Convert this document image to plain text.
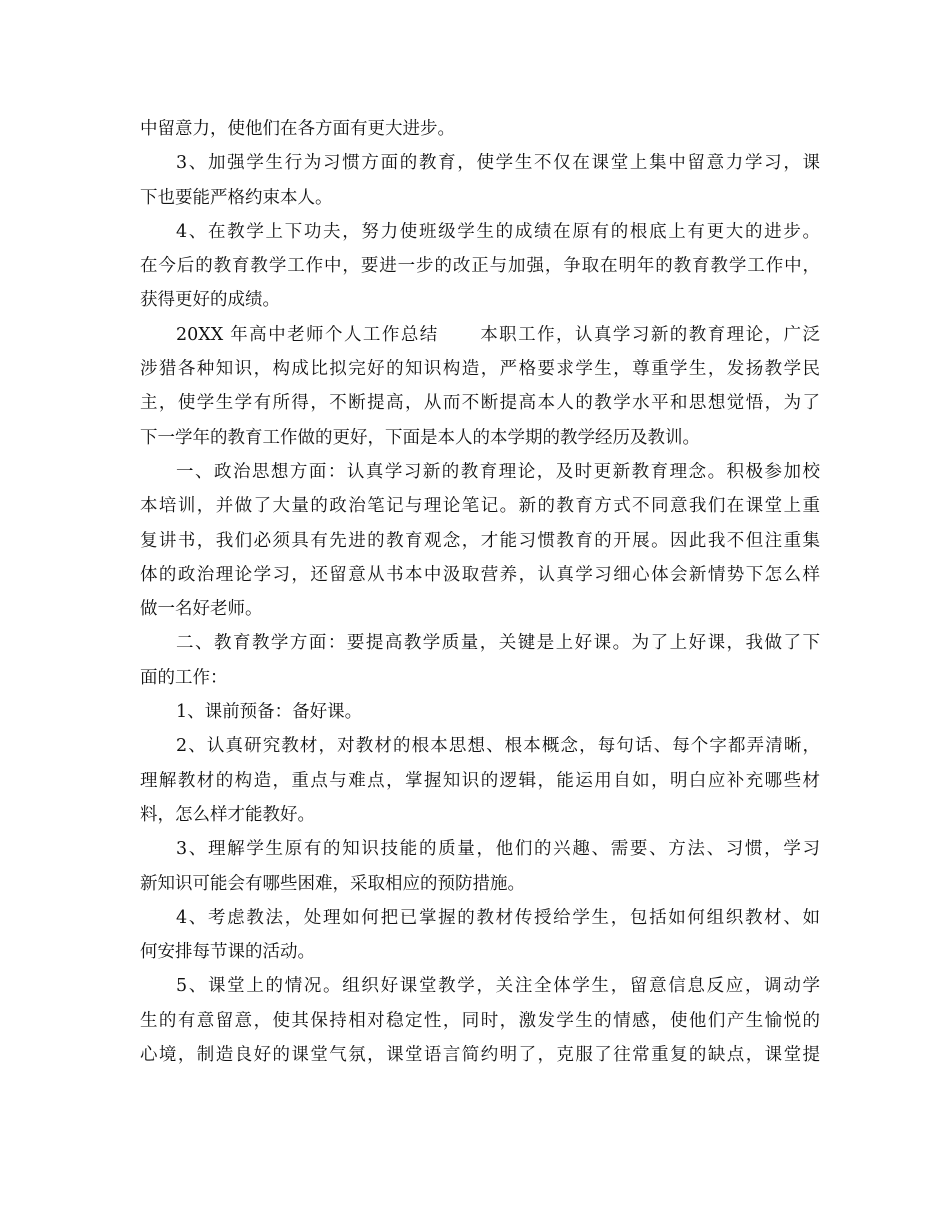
中留意力，使他们在各方面有更大进步。
3、加强学生行为习惯方面的教育，使学生不仅在课堂上集中留意力学习，课
下也要能严格约束本人。
4、在教学上下功夫，努力使班级学生的成绩在原有的根底上有更大的进步。
在今后的教育教学工作中，要进一步的改正与加强，争取在明年的教育教学工作中，
获得更好的成绩。
20XX 年高中老师个人工作总结 本职工作，认真学习新的教育理论，广泛
涉猎各种知识，构成比拟完好的知识构造，严格要求学生，尊重学生，发扬教学民
主，使学生学有所得，不断提高，从而不断提高本人的教学水平和思想觉悟，为了
下一学年的教育工作做的更好，下面是本人的本学期的教学经历及教训。
一、政治思想方面：认真学习新的教育理论，及时更新教育理念。积极参加校
本培训，并做了大量的政治笔记与理论笔记。新的教育方式不同意我们在课堂上重
复讲书，我们必须具有先进的教育观念，才能习惯教育的开展。因此我不但注重集
体的政治理论学习，还留意从书本中汲取营养，认真学习细心体会新情势下怎么样
做一名好老师。
二、教育教学方面：要提高教学质量，关键是上好课。为了上好课，我做了下
面的工作：
1、课前预备：备好课。
2、认真研究教材，对教材的根本思想、根本概念，每句话、每个字都弄清晰，
理解教材的构造，重点与难点，掌握知识的逻辑，能运用自如，明白应补充哪些材
料，怎么样才能教好。
3、理解学生原有的知识技能的质量，他们的兴趣、需要、方法、习惯，学习
新知识可能会有哪些困难，采取相应的预防措施。
4、考虑教法，处理如何把已掌握的教材传授给学生，包括如何组织教材、如
何安排每节课的活动。
5、课堂上的情况。组织好课堂教学，关注全体学生，留意信息反应，调动学
生的有意留意，使其保持相对稳定性，同时，激发学生的情感，使他们产生愉悦的
心境，制造良好的课堂气氛，课堂语言简约明了，克服了往常重复的缺点，课堂提
